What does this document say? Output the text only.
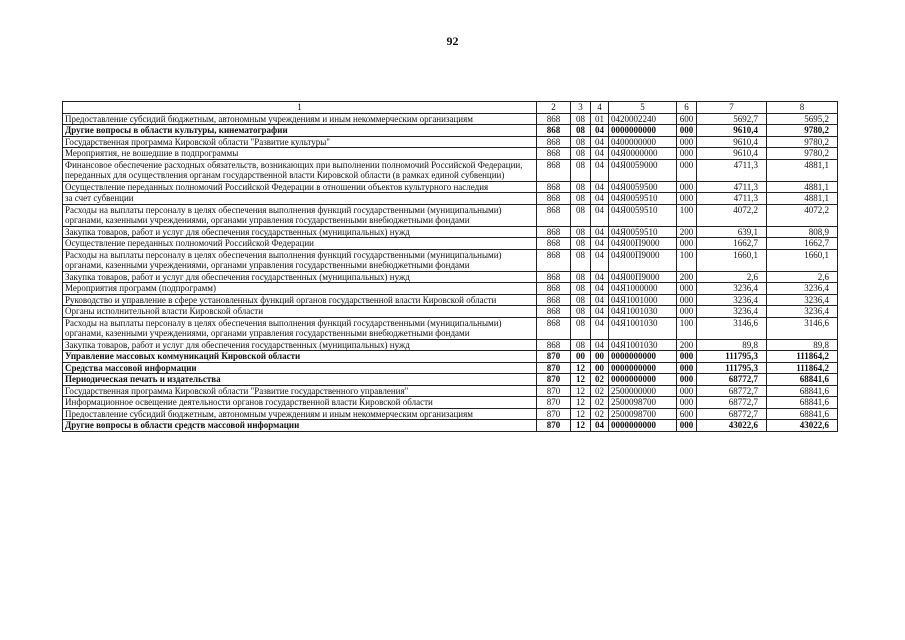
92
1	2	3	4	5	6	7	8
Предоставление субсидий бюджетным, автономным учреждениям и иным некоммерческим организациям	868	08	01	0420002240	600	5692,7	5695,2
Другие вопросы в области культуры, кинематографии	868	08	04	0000000000	000	9610,4	9780,2
Государственная программа Кировской области "Развитие культуры"	868	08	04	0400000000	000	9610,4	9780,2
Мероприятия, не вошедшие в подпрограммы	868	08	04	04Я0000000	000	9610,4	9780,2
Финансовое обеспечение расходных обязательств, возникающих при выполнении полномочий Российской Федерации, переданных для осуществления органам государственной власти Кировской области (в рамках единой субвенции)	868	08	04	04Я0059000	000	4711,3	4881,1
Осуществление переданных полномочий Российской Федерации в отношении объектов культурного наследия	868	08	04	04Я0059500	000	4711,3	4881,1
за счет субвенции	868	08	04	04Я0059510	000	4711,3	4881,1
Расходы на выплаты персоналу в целях обеспечения выполнения функций государственными (муниципальными) органами, казенными учреждениями, органами управления государственными внебюджетными фондами	868	08	04	04Я0059510	100	4072,2	4072,2
Закупка товаров, работ и услуг для обеспечения государственных (муниципальных) нужд	868	08	04	04Я0059510	200	639,1	808,9
Осуществление переданных полномочий Российской Федерации	868	08	04	04Я00П9000	000	1662,7	1662,7
Расходы на выплаты персоналу в целях обеспечения выполнения функций государственными (муниципальными) органами, казенными учреждениями, органами управления государственными внебюджетными фондами	868	08	04	04Я00П9000	100	1660,1	1660,1
Закупка товаров, работ и услуг для обеспечения государственных (муниципальных) нужд	868	08	04	04Я00П9000	200	2,6	2,6
Мероприятия программ (подпрограмм)	868	08	04	04Я1000000	000	3236,4	3236,4
Руководство и управление в сфере установленных функций органов государственной власти Кировской области	868	08	04	04Я1001000	000	3236,4	3236,4
Органы исполнительной власти Кировской области	868	08	04	04Я1001030	000	3236,4	3236,4
Расходы на выплаты персоналу в целях обеспечения выполнения функций государственными (муниципальными) органами, казенными учреждениями, органами управления государственными внебюджетными фондами	868	08	04	04Я1001030	100	3146,6	3146,6
Закупка товаров, работ и услуг для обеспечения государственных (муниципальных) нужд	868	08	04	04Я1001030	200	89,8	89,8
Управление массовых коммуникаций Кировской области	870	00	00	0000000000	000	111795,3	111864,2
Средства массовой информации	870	12	00	0000000000	000	111795,3	111864,2
Периодическая печать и издательства	870	12	02	0000000000	000	68772,7	68841,6
Государственная программа Кировской области "Развитие государственного управления"	870	12	02	2500000000	000	68772,7	68841,6
Информационное освещение деятельности органов государственной власти Кировской области	870	12	02	2500098700	000	68772,7	68841,6
Предоставление субсидий бюджетным, автономным учреждениям и иным некоммерческим организациям	870	12	02	2500098700	600	68772,7	68841,6
Другие вопросы в области средств массовой информации	870	12	04	0000000000	000	43022,6	43022,6
